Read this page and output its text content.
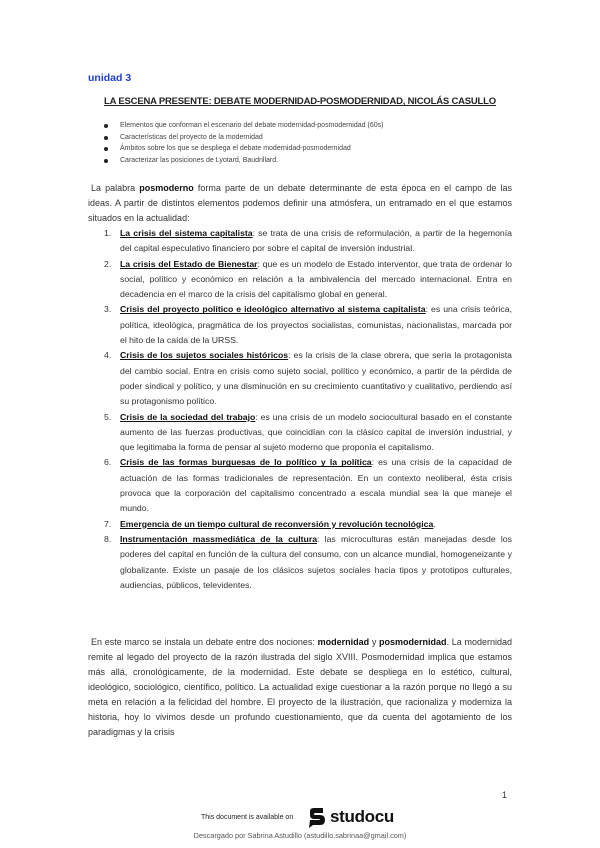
unidad 3
LA ESCENA PRESENTE: DEBATE MODERNIDAD-POSMODERNIDAD, NICOLÁS CASULLO
Elementos que conforman el escenario del debate modernidad-posmodernidad (60s)
Características del proyecto de la modernidad
Ámbitos sobre los que se despliega el debate modernidad-posmodernidad
Caracterizar las posiciones de Lyotard, Baudrillard.

La palabra posmoderno forma parte de un debate determinante de esta época en el campo de las ideas. A partir de distintos elementos podemos definir una atmósfera, un entramado en el que estamos situados en la actualidad:

1. La crisis del sistema capitalista: se trata de una crisis de reformulación, a partir de la hegemonía del capital especulativo financiero por sobre el capital de inversión industrial.
2. La crisis del Estado de Bienestar: que es un modelo de Estado interventor, que trata de ordenar lo social, político y económico en relación a la ambivalencia del mercado internacional. Entra en decadencia en el marco de la crisis del capitalismo global en general.
3. Crisis del proyecto político e ideológico alternativo al sistema capitalista: es una crisis teórica, política, ideológica, pragmática de los proyectos socialistas, comunistas, nacionalistas, marcada por el hito de la caída de la URSS.
4. Crisis de los sujetos sociales históricos: es la crisis de la clase obrera, que sería la protagonista del cambio social. Entra en crisis como sujeto social, político y económico, a partir de la pérdida de poder sindical y político, y una disminución en su crecimiento cuantitativo y cualitativo, perdiendo así su protagonismo político.
5. Crisis de la sociedad del trabajo: es una crisis de un modelo sociocultural basado en el constante aumento de las fuerzas productivas, que coincidían con la clásico capital de inversión industrial, y que legitimaba la forma de pensar al sujeto moderno que proponía el capitalismo.
6. Crisis de las formas burguesas de lo político y la política: es una crisis de la capacidad de actuación de las formas tradicionales de representación. En un contexto neoliberal, ésta crisis provoca que la corporación del capitalismo concentrado a escala mundial sea la que maneje el mundo.
7. Emergencia de un tiempo cultural de reconversión y revolución tecnológica.
8. Instrumentación massmediática de la cultura: las microculturas están manejadas desde los poderes del capital en función de la cultura del consumo, con un alcance mundial, homogeneizante y globalizante. Existe un pasaje de los clásicos sujetos sociales hacia tipos y prototipos culturales, audiencias, públicos, televidentes.

En este marco se instala un debate entre dos nociones: modernidad y posmodernidad. La modernidad remite al legado del proyecto de la razón ilustrada del siglo XVIII. Posmodernidad implica que estamos más allá, cronológicamente, de la modernidad. Este debate se despliega en lo estético, cultural, ideológico, sociológico, científico, político. La actualidad exige cuestionar a la razón porque no llegó a su meta en relación a la felicidad del hombre. El proyecto de la ilustración, que racionaliza y moderniza la historia, hoy lo vivimos desde un profundo cuestionamiento, que da cuenta del agotamiento de los paradigmas y la crisis

1
This document is available on studocu
Descargado por Sabrina Astudillo (astudillo.sabrinaa@gmail.com)
